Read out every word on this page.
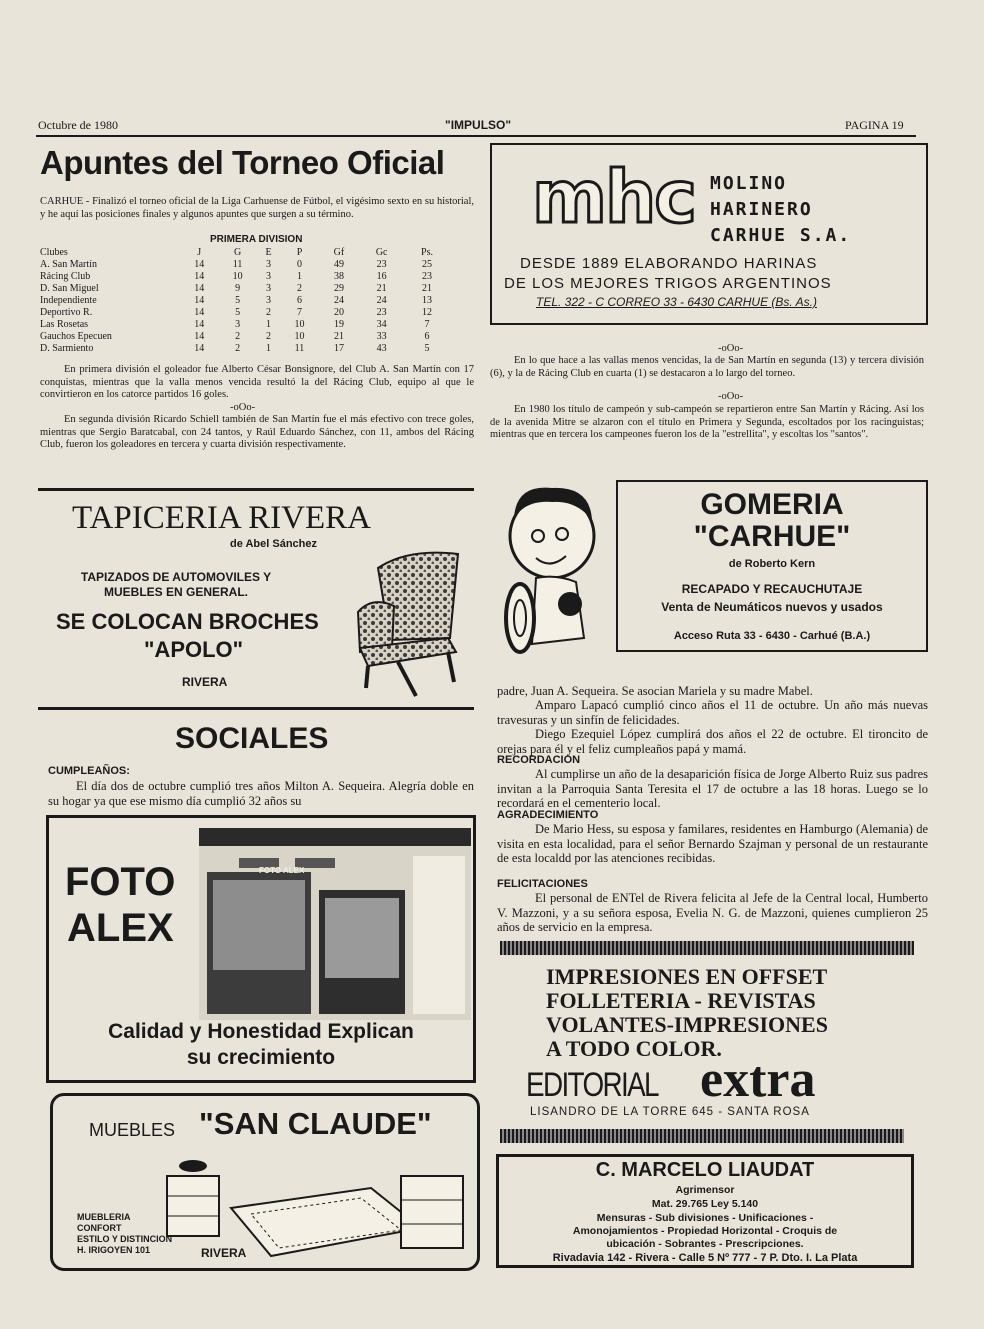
Octubre de 1980	"IMPULSO"	PAGINA 19
Apuntes del Torneo Oficial
CARHUE - Finalizó el torneo oficial de la Liga Carhuense de Fútbol, el vigésimo sexto en su historial, y he aquí las posiciones finales y algunos apuntes que surgen a su término.
PRIMERA DIVISION
Clubes	J	G	E	P	Gf	Gc	Ps.
A. San Martín	14	11	3	0	49	23	25
Rácing Club	14	10	3	1	38	16	23
D. San Miguel	14	9	3	2	29	21	21
Independiente	14	5	3	6	24	24	13
Deportivo R.	14	5	2	7	20	23	12
Las Rosetas	14	3	1	10	19	34	7
Gauchos Epecuen	14	2	2	10	21	33	6
D. Sarmiento	14	2	1	11	17	43	5
En primera división el goleador fue Alberto César Bonsignore, del Club A. San Martín con 17 conquistas, mientras que la valla menos vencida resultó la del Rácing Club, equipo al que le convirtieron en los catorce partidos 16 goles.
-oOo-
En segunda división Ricardo Schiell también de San Martín fue el más efectivo con trece goles, mientras que Sergio Baratcabal, con 24 tantos, y Raúl Eduardo Sánchez, con 11, ambos del Rácing Club, fueron los goleadores en tercera y cuarta división respectivamente.
-oOo-
En lo que hace a las vallas menos vencidas, la de San Martín en segunda (13) y tercera división (6), y la de Rácing Club en cuarta (1) se destacaron a lo largo del torneo.
-oOo-
En 1980 los título de campeón y sub-campeón se repartieron entre San Martín y Rácing. Así los de la avenida Mitre se alzaron con el título en Primera y Segunda, escoltados por los racinguistas; mientras que en tercera los campeones fueron los de la "estrellita", y escoltas los "santos".
mhc MOLINO
HARINERO
CARHUE S.A.
DESDE 1889 ELABORANDO HARINAS
DE LOS MEJORES TRIGOS ARGENTINOS
TEL. 322 - C CORREO 33 - 6430 CARHUE (Bs. As.)
TAPICERIA RIVERA
de Abel Sánchez
TAPIZADOS DE AUTOMOVILES Y
MUEBLES EN GENERAL.
SE COLOCAN BROCHES
"APOLO"
RIVERA
GOMERIA
"CARHUE"
de Roberto Kern
RECAPADO Y RECAUCHUTAJE
Venta de Neumáticos nuevos y usados
Acceso Ruta 33 - 6430 - Carhué (B.A.)
SOCIALES
CUMPLEAÑOS:
El día dos de octubre cumplió tres años Milton A. Sequeira. Alegría doble en su hogar ya que ese mismo día cumplió 32 años su
padre, Juan A. Sequeira. Se asocian Mariela y su madre Mabel.
Amparo Lapacó cumplió cinco años el 11 de octubre. Un año más nuevas travesuras y un sinfín de felicidades.
Diego Ezequiel López cumplirá dos años el 22 de octubre. El tironcito de orejas para él y el feliz cumpleaños papá y mamá.
RECORDACION
Al cumplirse un año de la desaparición física de Jorge Alberto Ruiz sus padres invitan a la Parroquia Santa Teresita el 17 de octubre a las 18 horas. Luego se lo recordará en el cementerio local.
AGRADECIMIENTO
De Mario Hess, su esposa y familares, residentes en Hamburgo (Alemania) de visita en esta localidad, para el señor Bernardo Szajman y personal de un restaurante de esta localdd por las atenciones recibidas.
FELICITACIONES
El personal de ENTel de Rivera felicita al Jefe de la Central local, Humberto V. Mazzoni, y a su señora esposa, Evelia N. G. de Mazzoni, quienes cumplieron 25 años de servicio en la empresa.
FOTO
ALEX
FOTO ALEX
Calidad y Honestidad Explican
su crecimiento
MUEBLES "SAN CLAUDE"
MUEBLERIA
CONFORT
ESTILO Y DISTINCION
H. IRIGOYEN 101	RIVERA
IMPRESIONES EN OFFSET
FOLLETERIA - REVISTAS
VOLANTES-IMPRESIONES
A TODO COLOR.
EDITORIAL extra
LISANDRO DE LA TORRE 645 - SANTA ROSA
C. MARCELO LIAUDAT
Agrimensor
Mat. 29.765 Ley 5.140
Mensuras - Sub divisiones - Unificaciones -
Amonojamientos - Propiedad Horizontal - Croquis de
ubicación - Sobrantes - Prescripciones.
Rivadavia 142 - Rivera - Calle 5 Nº 777 - 7 P. Dto. I. La Plata
